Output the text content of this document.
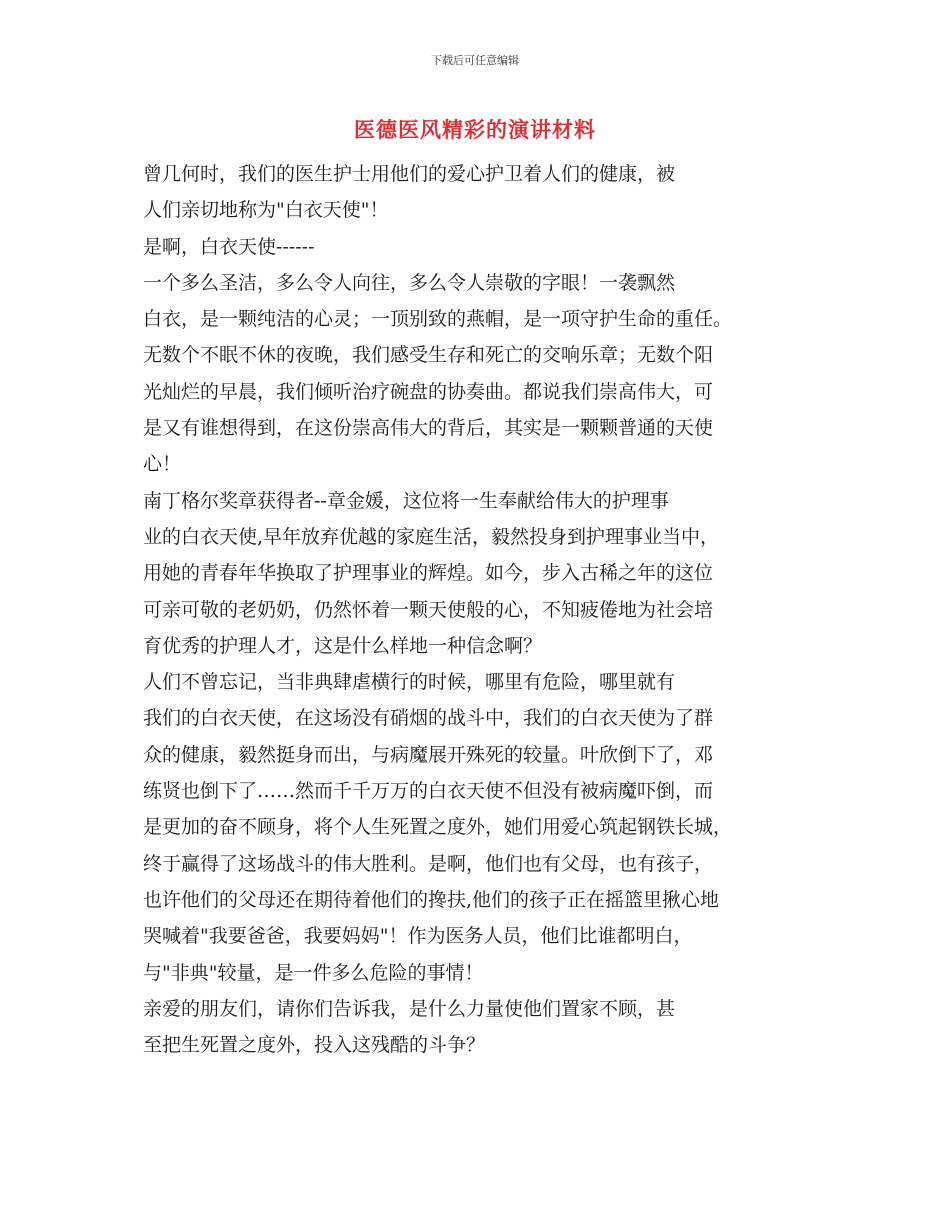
下载后可任意编辑
医德医风精彩的演讲材料
曾几何时，我们的医生护士用他们的爱心护卫着人们的健康，被
人们亲切地称为"白衣天使"！
是啊，白衣天使------
一个多么圣洁，多么令人向往，多么令人崇敬的字眼！一袭飘然
白衣，是一颗纯洁的心灵；一顶别致的燕帽，是一项守护生命的重任。
无数个不眠不休的夜晚，我们感受生存和死亡的交响乐章；无数个阳
光灿烂的早晨，我们倾听治疗碗盘的协奏曲。都说我们崇高伟大，可
是又有谁想得到，在这份崇高伟大的背后，其实是一颗颗普通的天使
心！
南丁格尔奖章获得者--章金媛，这位将一生奉献给伟大的护理事
业的白衣天使,早年放弃优越的家庭生活，毅然投身到护理事业当中，
用她的青春年华换取了护理事业的辉煌。如今，步入古稀之年的这位
可亲可敬的老奶奶，仍然怀着一颗天使般的心，不知疲倦地为社会培
育优秀的护理人才，这是什么样地一种信念啊？
人们不曾忘记，当非典肆虐横行的时候，哪里有危险，哪里就有
我们的白衣天使，在这场没有硝烟的战斗中，我们的白衣天使为了群
众的健康，毅然挺身而出，与病魔展开殊死的较量。叶欣倒下了，邓
练贤也倒下了……然而千千万万的白衣天使不但没有被病魔吓倒，而
是更加的奋不顾身，将个人生死置之度外，她们用爱心筑起钢铁长城，
终于赢得了这场战斗的伟大胜利。是啊，他们也有父母，也有孩子，
也许他们的父母还在期待着他们的搀扶,他们的孩子正在摇篮里揪心地
哭喊着"我要爸爸，我要妈妈"！作为医务人员，他们比谁都明白，
与"非典"较量，是一件多么危险的事情！
亲爱的朋友们，请你们告诉我，是什么力量使他们置家不顾，甚
至把生死置之度外，投入这残酷的斗争？
